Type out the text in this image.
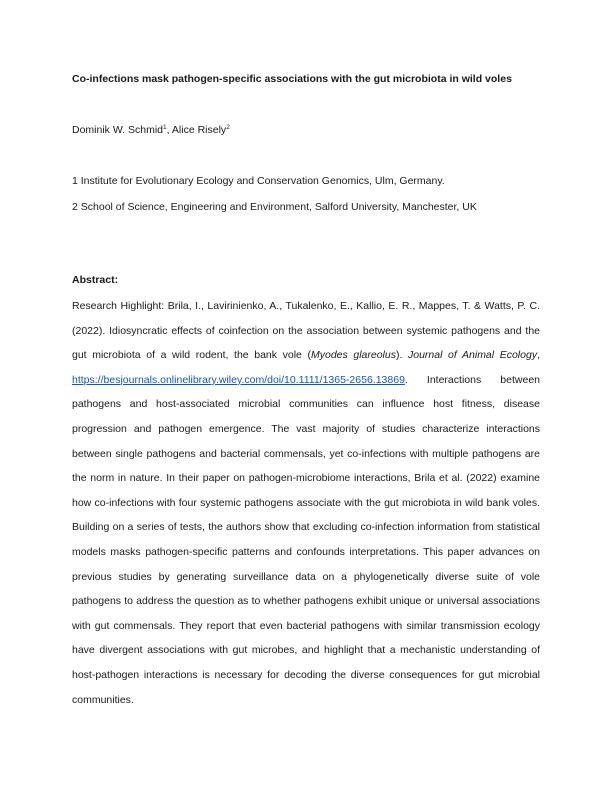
Co-infections mask pathogen-specific associations with the gut microbiota in wild voles
Dominik W. Schmid$^1$, Alice Risely$^2$
1 Institute for Evolutionary Ecology and Conservation Genomics, Ulm, Germany.
2 School of Science, Engineering and Environment, Salford University, Manchester, UK
Abstract:
Research Highlight: Brila, I., Lavirinienko, A., Tukalenko, E., Kallio, E. R., Mappes, T. & Watts, P. C. (2022). Idiosyncratic effects of coinfection on the association between systemic pathogens and the gut microbiota of a wild rodent, the bank vole (Myodes glareolus). Journal of Animal Ecology, https://besjournals.onlinelibrary.wiley.com/doi/10.1111/1365-2656.13869. Interactions between pathogens and host-associated microbial communities can influence host fitness, disease progression and pathogen emergence. The vast majority of studies characterize interactions between single pathogens and bacterial commensals, yet co-infections with multiple pathogens are the norm in nature. In their paper on pathogen-microbiome interactions, Brila et al. (2022) examine how co-infections with four systemic pathogens associate with the gut microbiota in wild bank voles. Building on a series of tests, the authors show that excluding co-infection information from statistical models masks pathogen-specific patterns and confounds interpretations. This paper advances on previous studies by generating surveillance data on a phylogenetically diverse suite of vole pathogens to address the question as to whether pathogens exhibit unique or universal associations with gut commensals. They report that even bacterial pathogens with similar transmission ecology have divergent associations with gut microbes, and highlight that a mechanistic understanding of host-pathogen interactions is necessary for decoding the diverse consequences for gut microbial communities.
